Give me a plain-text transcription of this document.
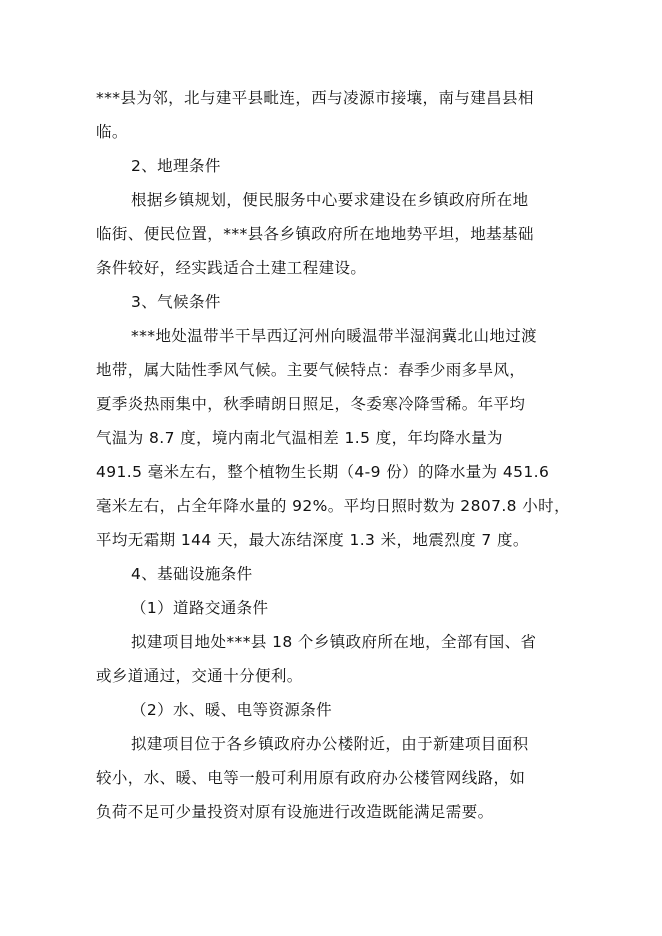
***县为邻，北与建平县毗连，西与凌源市接壤，南与建昌县相
临。
2、地理条件
根据乡镇规划，便民服务中心要求建设在乡镇政府所在地
临街、便民位置，***县各乡镇政府所在地地势平坦，地基基础
条件较好，经实践适合土建工程建设。
3、气候条件
***地处温带半干旱西辽河州向暖温带半湿润冀北山地过渡
地带，属大陆性季风气候。主要气候特点：春季少雨多旱风，
夏季炎热雨集中，秋季晴朗日照足，冬委寒冷降雪稀。年平均
气温为 8.7 度，境内南北气温相差 1.5 度，年均降水量为
491.5 毫米左右，整个植物生长期（4-9 份）的降水量为 451.6
毫米左右，占全年降水量的 92%。平均日照时数为 2807.8 小时，
平均无霜期 144 天，最大冻结深度 1.3 米，地震烈度 7 度。
4、基础设施条件
（1）道路交通条件
拟建项目地处***县 18 个乡镇政府所在地，全部有国、省
或乡道通过，交通十分便利。
（2）水、暖、电等资源条件
拟建项目位于各乡镇政府办公楼附近，由于新建项目面积
较小，水、暖、电等一般可利用原有政府办公楼管网线路，如
负荷不足可少量投资对原有设施进行改造既能满足需要。
